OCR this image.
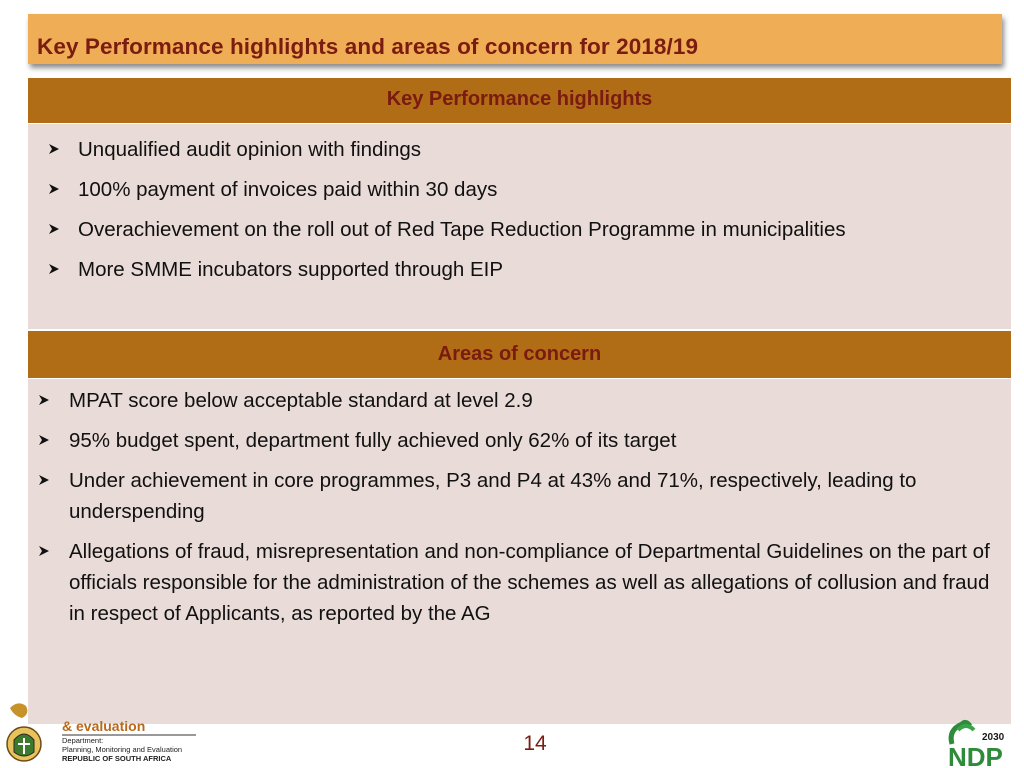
Key Performance highlights and areas of concern for 2018/19
Key Performance highlights
Unqualified audit opinion with findings
100% payment of invoices paid within 30 days
Overachievement on the roll out of Red Tape Reduction Programme in municipalities
More SMME incubators supported through EIP
Areas of concern
MPAT score below acceptable standard at level 2.9
95% budget spent, department fully achieved only 62% of its target
Under achievement in core programmes, P3 and P4 at 43% and 71%, respectively, leading to underspending
Allegations of fraud, misrepresentation and non-compliance of Departmental Guidelines on the part of officials responsible for the administration of the schemes as well as allegations of collusion and fraud in respect of Applicants, as reported by the AG
& evaluation
Department:
Planning, Monitoring and Evaluation
REPUBLIC OF SOUTH AFRICA
14	2030
NDP
